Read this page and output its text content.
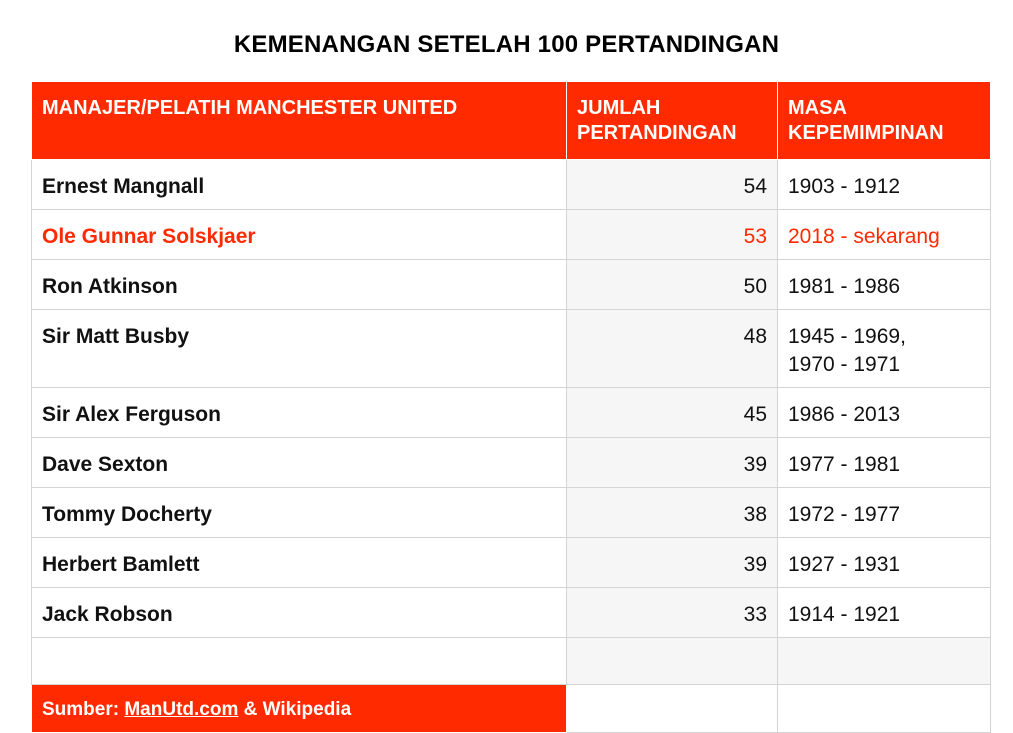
KEMENANGAN SETELAH 100 PERTANDINGAN
MANAJER/PELATIH MANCHESTER UNITED	JUMLAH PERTANDINGAN	MASA KEPEMIMPINAN
Ernest Mangnall	54	1903 - 1912
Ole Gunnar Solskjaer	53	2018 - sekarang
Ron Atkinson	50	1981 - 1986
Sir Matt Busby	48	1945 - 1969,
1970 - 1971

Sir Alex Ferguson	45	1986 - 2013
Dave Sexton	39	1977 - 1981
Tommy Docherty	38	1972 - 1977
Herbert Bamlett	39	1927 - 1931
Jack Robson	33	1914 - 1921

Sumber: ManUtd.com & Wikipedia		
